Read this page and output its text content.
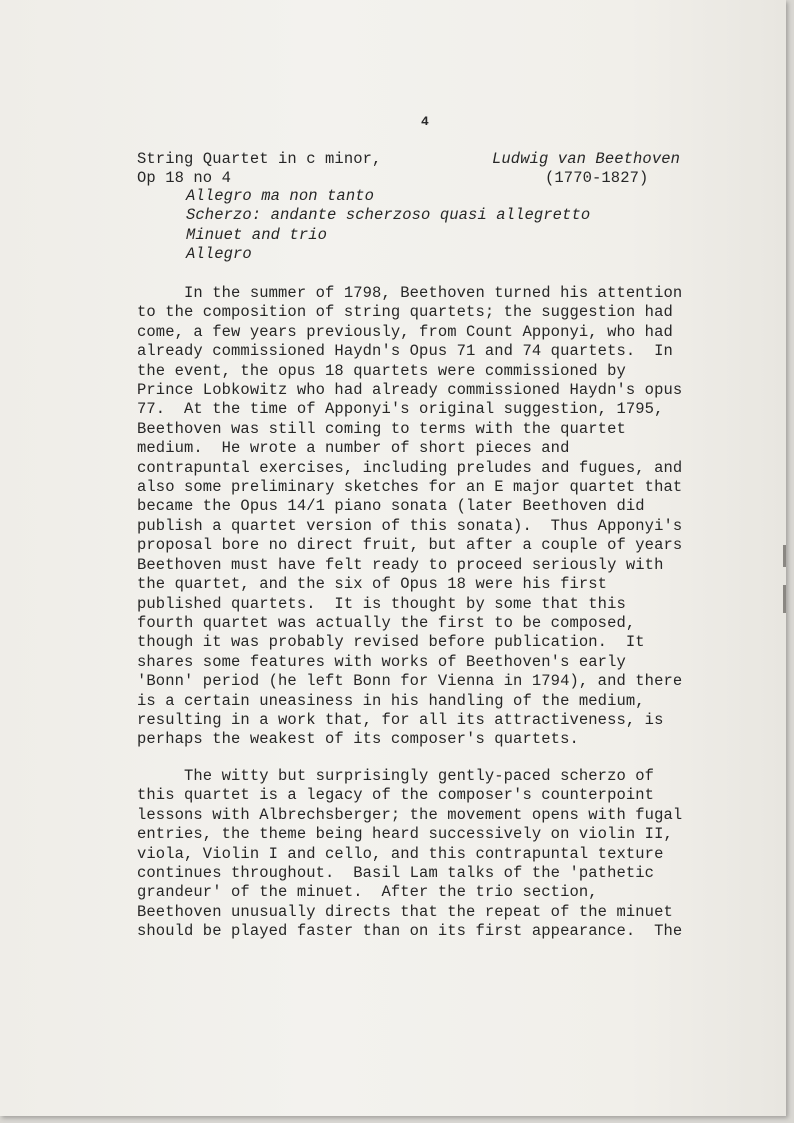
4
String Quartet in c minor,
Op 18 no 4
Ludwig van Beethoven
(1770-1827)
Allegro ma non tanto
Scherzo: andante scherzoso quasi allegretto
Minuet and trio
Allegro
In the summer of 1798, Beethoven turned his attention
to the composition of string quartets; the suggestion had
come, a few years previously, from Count Apponyi, who had
already commissioned Haydn's Opus 71 and 74 quartets.  In
the event, the opus 18 quartets were commissioned by
Prince Lobkowitz who had already commissioned Haydn's opus
77.  At the time of Apponyi's original suggestion, 1795,
Beethoven was still coming to terms with the quartet
medium.  He wrote a number of short pieces and
contrapuntal exercises, including preludes and fugues, and
also some preliminary sketches for an E major quartet that
became the Opus 14/1 piano sonata (later Beethoven did
publish a quartet version of this sonata).  Thus Apponyi's
proposal bore no direct fruit, but after a couple of years
Beethoven must have felt ready to proceed seriously with
the quartet, and the six of Opus 18 were his first
published quartets.  It is thought by some that this
fourth quartet was actually the first to be composed,
though it was probably revised before publication.  It
shares some features with works of Beethoven's early
'Bonn' period (he left Bonn for Vienna in 1794), and there
is a certain uneasiness in his handling of the medium,
resulting in a work that, for all its attractiveness, is
perhaps the weakest of its composer's quartets.
The witty but surprisingly gently-paced scherzo of
this quartet is a legacy of the composer's counterpoint
lessons with Albrechsberger; the movement opens with fugal
entries, the theme being heard successively on violin II,
viola, Violin I and cello, and this contrapuntal texture
continues throughout.  Basil Lam talks of the 'pathetic
grandeur' of the minuet.  After the trio section,
Beethoven unusually directs that the repeat of the minuet
should be played faster than on its first appearance.  The
